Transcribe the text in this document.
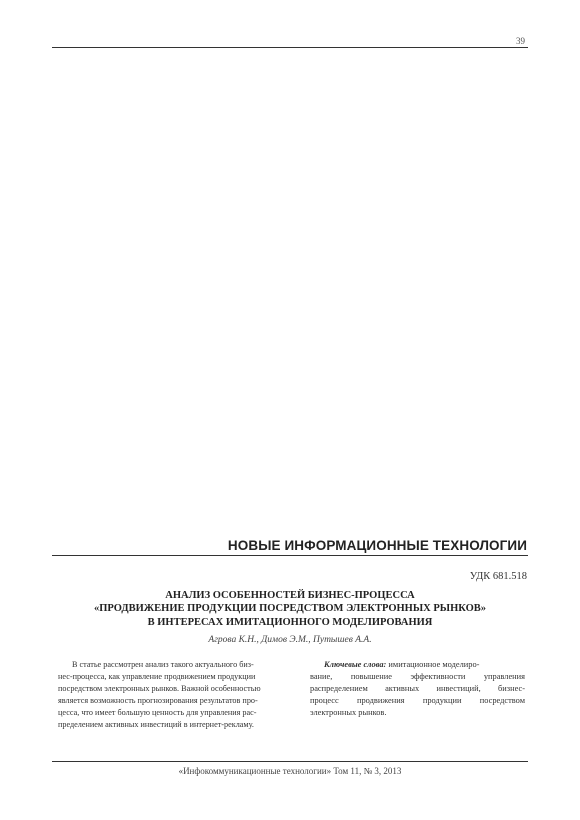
39
НОВЫЕ ИНФОРМАЦИОННЫЕ ТЕХНОЛОГИИ
УДК 681.518
АНАЛИЗ ОСОБЕННОСТЕЙ БИЗНЕС-ПРОЦЕССА
«ПРОДВИЖЕНИЕ ПРОДУКЦИИ ПОСРЕДСТВОМ ЭЛЕКТРОННЫХ РЫНКОВ»
В ИНТЕРЕСАХ ИМИТАЦИОННОГО МОДЕЛИРОВАНИЯ
Агрова К.Н., Димов Э.М., Путышев А.А.
В статье рассмотрен анализ такого актуального биз-
нес-процесса, как управление продвижением продукции
посредством электронных рынков. Важной особенностью
является возможность прогнозирования результатов про-
цесса, что имеет большую ценность для управления рас-
пределением активных инвестиций в интернет-рекламу.
Ключевые слова: имитационное моделиро-
вание, повышение эффективности управления
распределением активных инвестиций, бизнес-
процесс продвижения продукции посредством
электронных рынков.
«Инфокоммуникационные технологии» Том 11, № 3, 2013
